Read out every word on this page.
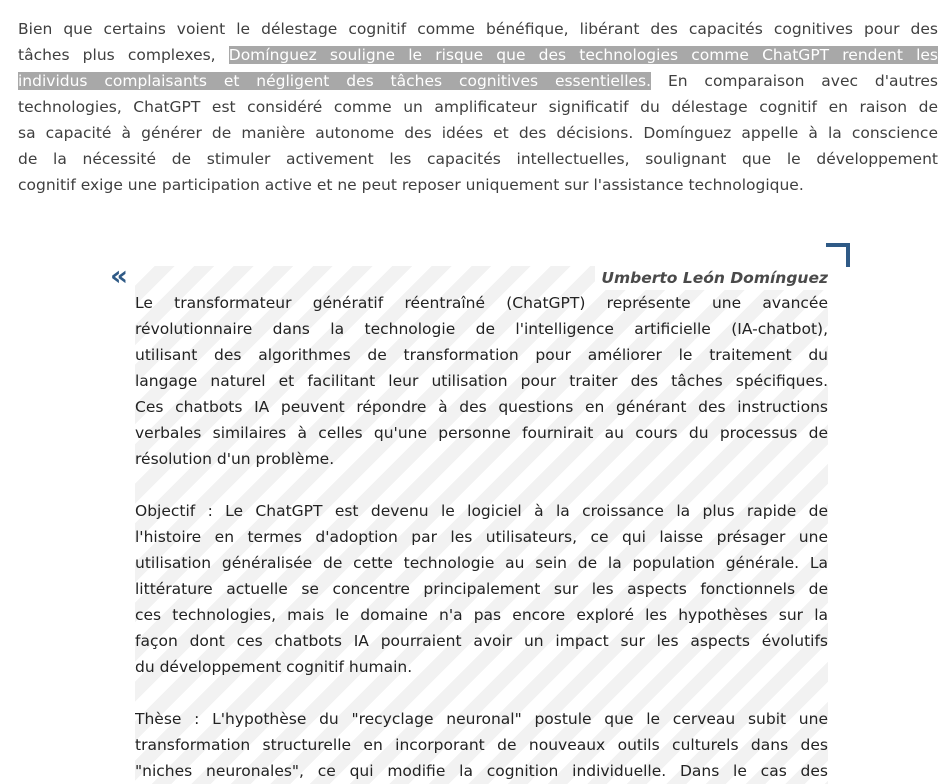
Bien que certains voient le délestage cognitif comme bénéfique, libérant des capacités cognitives pour des
tâches plus complexes, Domínguez souligne le risque que des technologies comme ChatGPT rendent les
individus complaisants et négligent des tâches cognitives essentielles. En comparaison avec d'autres
technologies, ChatGPT est considéré comme un amplificateur significatif du délestage cognitif en raison de
sa capacité à générer de manière autonome des idées et des décisions. Domínguez appelle à la conscience
de la nécessité de stimuler activement les capacités intellectuelles, soulignant que le développement
cognitif exige une participation active et ne peut reposer uniquement sur l'assistance technologique.
«	Umberto León Domínguez
Le transformateur génératif réentraîné (ChatGPT) représente une avancée
révolutionnaire dans la technologie de l'intelligence artificielle (IA-chatbot),
utilisant des algorithmes de transformation pour améliorer le traitement du
langage naturel et facilitant leur utilisation pour traiter des tâches spécifiques.
Ces chatbots IA peuvent répondre à des questions en générant des instructions
verbales similaires à celles qu'une personne fournirait au cours du processus de
résolution d'un problème.
Objectif : Le ChatGPT est devenu le logiciel à la croissance la plus rapide de
l'histoire en termes d'adoption par les utilisateurs, ce qui laisse présager une
utilisation généralisée de cette technologie au sein de la population générale. La
littérature actuelle se concentre principalement sur les aspects fonctionnels de
ces technologies, mais le domaine n'a pas encore exploré les hypothèses sur la
façon dont ces chatbots IA pourraient avoir un impact sur les aspects évolutifs
du développement cognitif humain.
Thèse : L'hypothèse du "recyclage neuronal" postule que le cerveau subit une
transformation structurelle en incorporant de nouveaux outils culturels dans des
"niches neuronales", ce qui modifie la cognition individuelle. Dans le cas des
